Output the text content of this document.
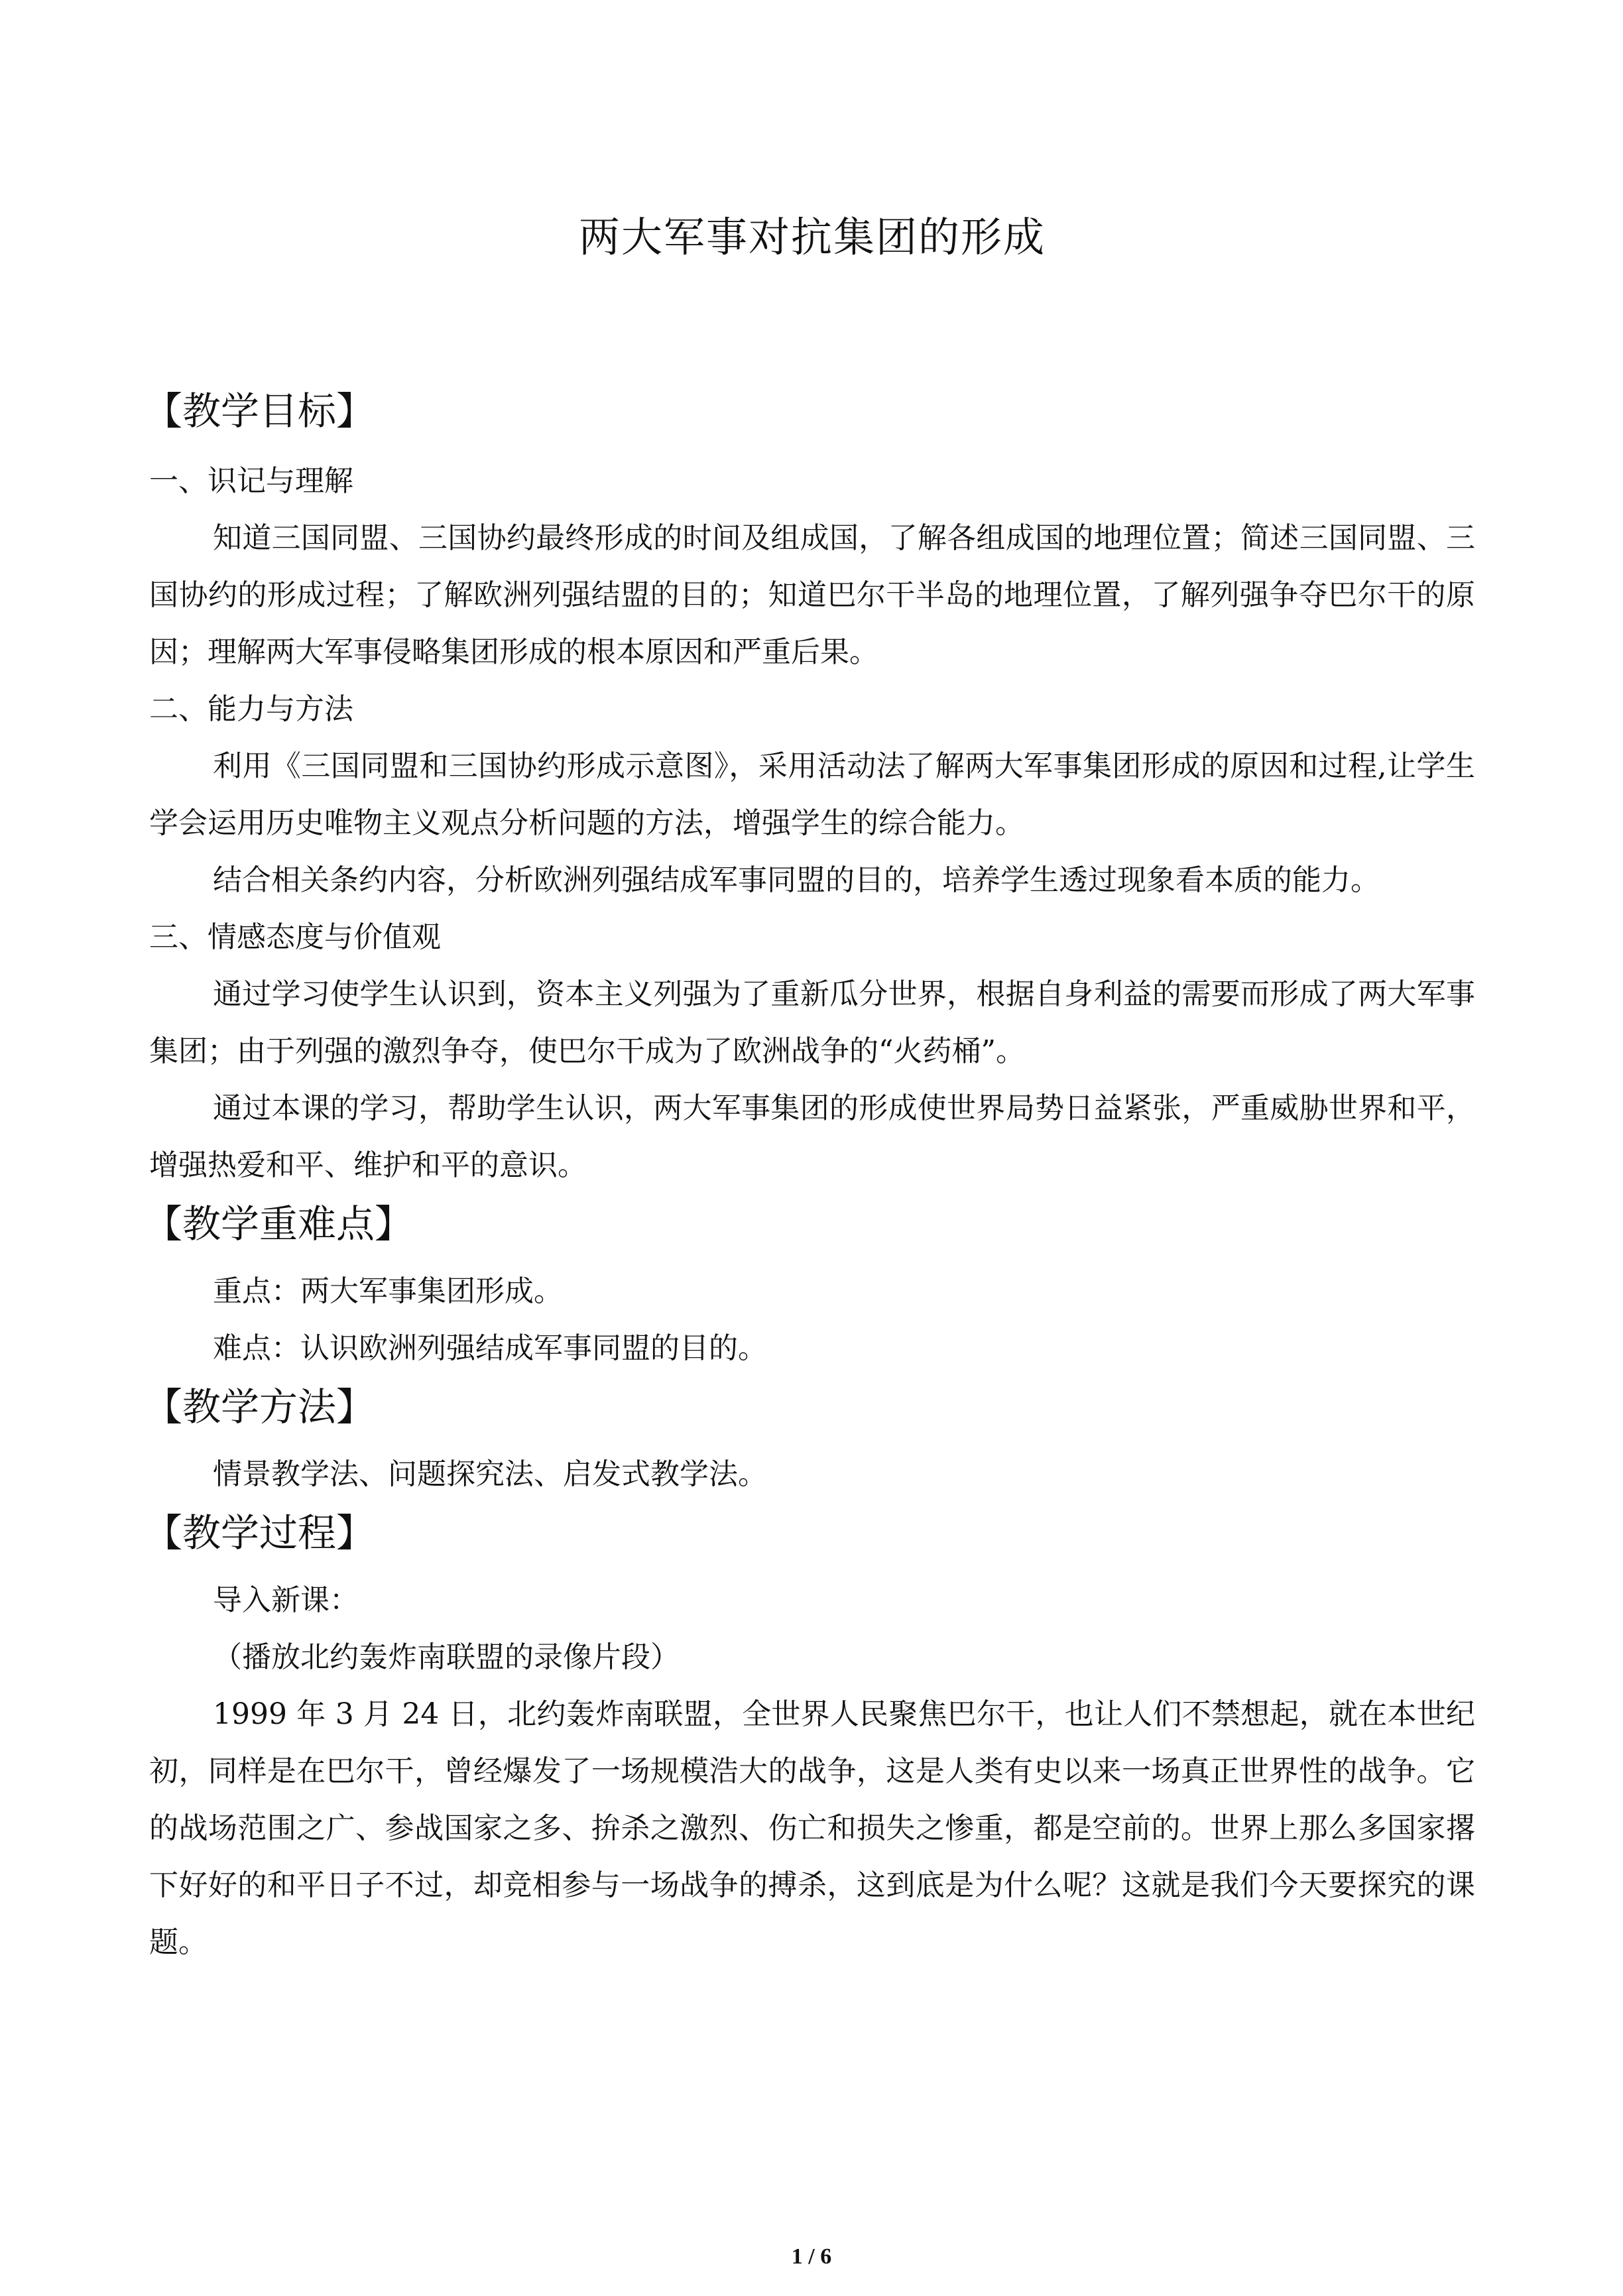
两大军事对抗集团的形成
【教学目标】
一、识记与理解
知道三国同盟、三国协约最终形成的时间及组成国，了解各组成国的地理位置；简述三国同盟、三国协约的形成过程；了解欧洲列强结盟的目的；知道巴尔干半岛的地理位置，了解列强争夺巴尔干的原因；理解两大军事侵略集团形成的根本原因和严重后果。
二、能力与方法
利用《三国同盟和三国协约形成示意图》，采用活动法了解两大军事集团形成的原因和过程,让学生学会运用历史唯物主义观点分析问题的方法，增强学生的综合能力。
结合相关条约内容，分析欧洲列强结成军事同盟的目的，培养学生透过现象看本质的能力。
三、情感态度与价值观
通过学习使学生认识到，资本主义列强为了重新瓜分世界，根据自身利益的需要而形成了两大军事集团；由于列强的激烈争夺，使巴尔干成为了欧洲战争的“火药桶”。
通过本课的学习，帮助学生认识，两大军事集团的形成使世界局势日益紧张，严重威胁世界和平，增强热爱和平、维护和平的意识。
【教学重难点】
重点：两大军事集团形成。
难点：认识欧洲列强结成军事同盟的目的。
【教学方法】
情景教学法、问题探究法、启发式教学法。
【教学过程】
导入新课：
（播放北约轰炸南联盟的录像片段）
1999 年 3 月 24 日，北约轰炸南联盟，全世界人民聚焦巴尔干，也让人们不禁想起，就在本世纪初，同样是在巴尔干，曾经爆发了一场规模浩大的战争，这是人类有史以来一场真正世界性的战争。它的战场范围之广、参战国家之多、拚杀之激烈、伤亡和损失之惨重，都是空前的。世界上那么多国家撂下好好的和平日子不过，却竞相参与一场战争的搏杀，这到底是为什么呢？这就是我们今天要探究的课题。
1 / 6
